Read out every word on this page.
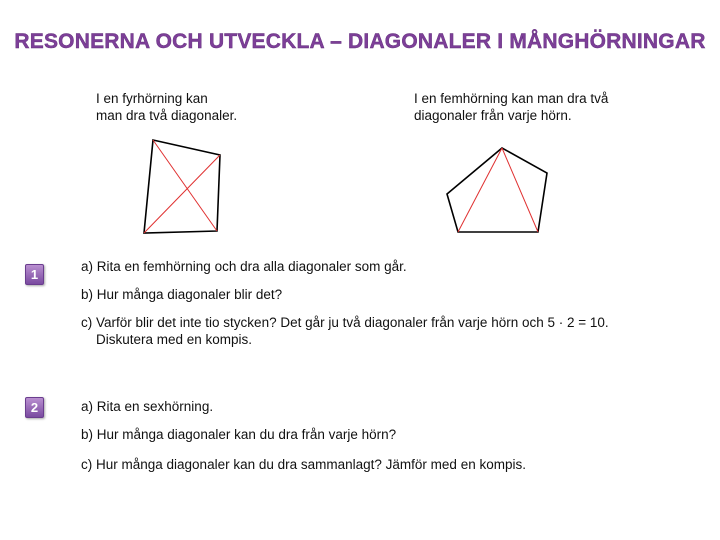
RESONERNA OCH UTVECKLA – DIAGONALER I MÅNGHÖRNINGAR
I en fyrhörning kan
man dra två diagonaler.
I en femhörning kan man dra två
diagonaler från varje hörn.
1
a) Rita en femhörning och dra alla diagonaler som går.
b) Hur många diagonaler blir det?
c) Varför blir det inte tio stycken? Det går ju två diagonaler från varje hörn och 5 · 2 = 10.
Diskutera med en kompis.
2	a) Rita en sexhörning.
b) Hur många diagonaler kan du dra från varje hörn?
c) Hur många diagonaler kan du dra sammanlagt? Jämför med en kompis.
